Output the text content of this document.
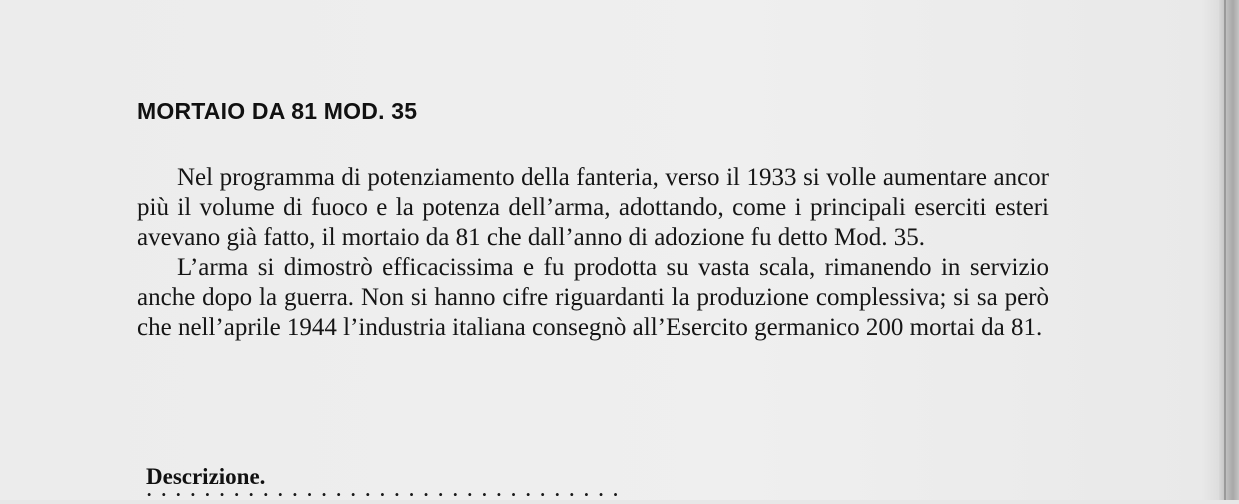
MORTAIO DA 81 MOD. 35

Nel programma di potenziamento della fanteria, verso il 1933 si volle aumentare ancor più il volume di fuoco e la potenza dell’arma, adottando, come i principali eserciti esteri avevano già fatto, il mortaio da 81 che dall’anno di adozione fu detto Mod. 35.

L’arma si dimostrò efficacissima e fu prodotta su vasta scala, rimanendo in servizio anche dopo la guerra. Non si hanno cifre riguardanti la produzione complessiva; si sa però che nell’aprile 1944 l’industria italiana consegnò all’Esercito germanico 200 mortai da 81.

Descrizione.
· · · · · · · · · · · · · · · · · · · · · · · · · · · · · · · · ·
